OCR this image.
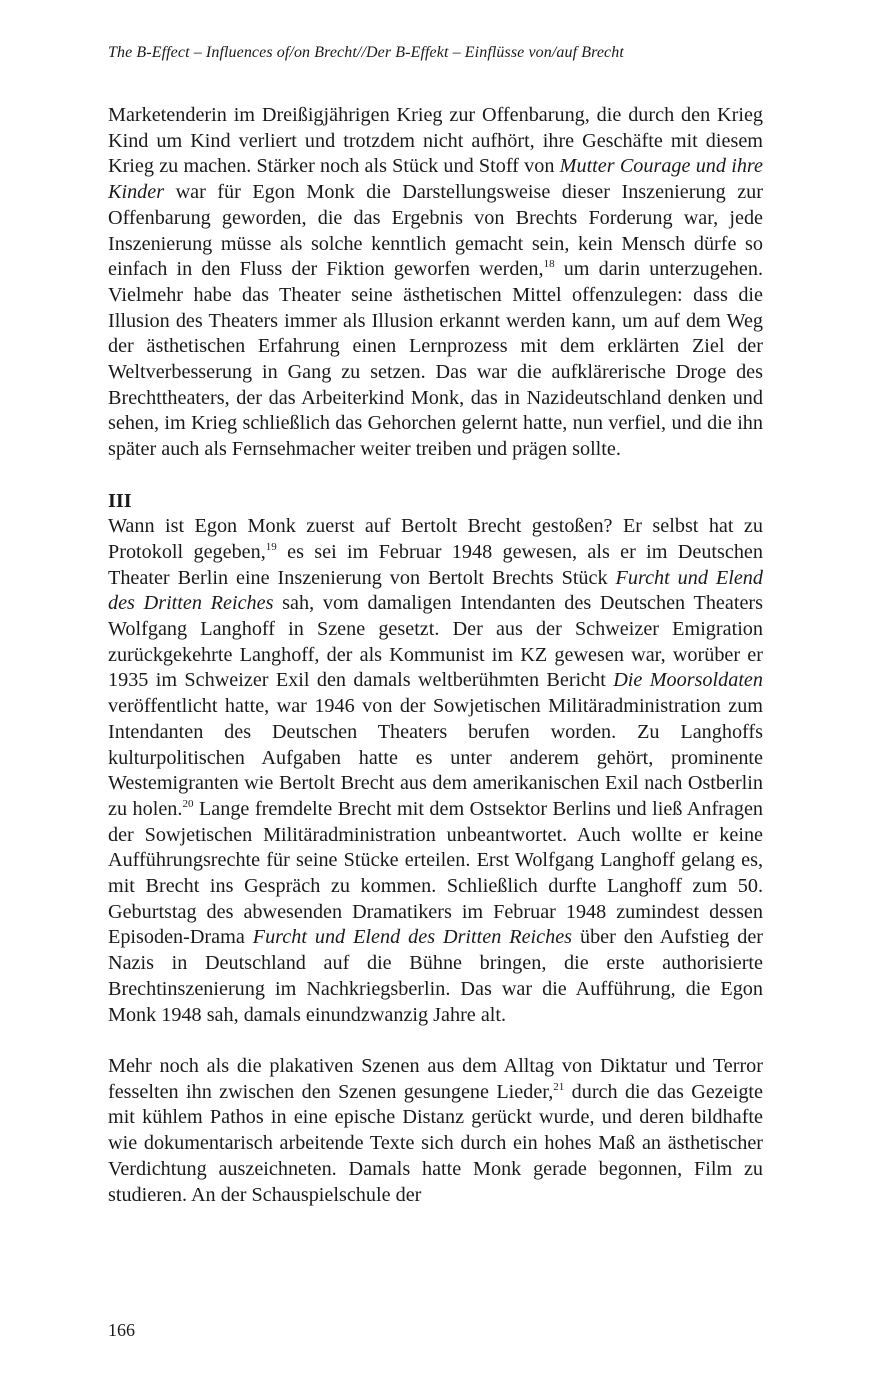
The B-Effect – Influences of/on Brecht//Der B-Effekt – Einflüsse von/auf Brecht

Marketenderin im Dreißigjährigen Krieg zur Offenbarung, die durch den Krieg Kind um Kind verliert und trotzdem nicht aufhört, ihre Geschäfte mit diesem Krieg zu machen. Stärker noch als Stück und Stoff von Mutter Courage und ihre Kinder war für Egon Monk die Darstellungsweise dieser Inszenierung zur Offenbarung geworden, die das Ergebnis von Brechts Forderung war, jede Inszenierung müsse als solche kenntlich gemacht sein, kein Mensch dürfe so einfach in den Fluss der Fiktion geworfen werden,$^{18}$ um darin unterzugehen. Vielmehr habe das Theater seine ästhetischen Mittel offenzulegen: dass die Illusion des Theaters immer als Illusion erkannt werden kann, um auf dem Weg der ästhetischen Erfahrung einen Lernprozess mit dem erklärten Ziel der Weltverbesserung in Gang zu setzen. Das war die aufklärerische Droge des Brechttheaters, der das Arbeiterkind Monk, das in Nazideutschland denken und sehen, im Krieg schließlich das Gehorchen gelernt hatte, nun verfiel, und die ihn später auch als Fernsehmacher weiter treiben und prägen sollte.

III

Wann ist Egon Monk zuerst auf Bertolt Brecht gestoßen? Er selbst hat zu Protokoll gegeben,$^{19}$ es sei im Februar 1948 gewesen, als er im Deutschen Theater Berlin eine Inszenierung von Bertolt Brechts Stück Furcht und Elend des Dritten Reiches sah, vom damaligen Intendanten des Deutschen Theaters Wolfgang Langhoff in Szene gesetzt. Der aus der Schweizer Emigration zurückgekehrte Langhoff, der als Kommunist im KZ gewesen war, worüber er 1935 im Schweizer Exil den damals weltberühmten Bericht Die Moorsoldaten veröffentlicht hatte, war 1946 von der Sowjetischen Militäradministration zum Intendanten des Deutschen Theaters berufen worden. Zu Langhoffs kulturpolitischen Aufgaben hatte es unter anderem gehört, prominente Westemigranten wie Bertolt Brecht aus dem amerikanischen Exil nach Ostberlin zu holen.$^{20}$ Lange fremdelte Brecht mit dem Ostsektor Berlins und ließ Anfragen der Sowjetischen Militäradministration unbeantwortet. Auch wollte er keine Aufführungsrechte für seine Stücke erteilen. Erst Wolfgang Langhoff gelang es, mit Brecht ins Gespräch zu kommen. Schließlich durfte Langhoff zum 50. Geburtstag des abwesenden Dramatikers im Februar 1948 zumindest dessen Episoden-Drama Furcht und Elend des Dritten Reiches über den Aufstieg der Nazis in Deutschland auf die Bühne bringen, die erste authorisierte Brechtinszenierung im Nachkriegsberlin. Das war die Aufführung, die Egon Monk 1948 sah, damals einundzwanzig Jahre alt.

Mehr noch als die plakativen Szenen aus dem Alltag von Diktatur und Terror fesselten ihn zwischen den Szenen gesungene Lieder,$^{21}$ durch die das Gezeigte mit kühlem Pathos in eine epische Distanz gerückt wurde, und deren bildhafte wie dokumentarisch arbeitende Texte sich durch ein hohes Maß an ästhetischer Verdichtung auszeichneten. Damals hatte Monk gerade begonnen, Film zu studieren. An der Schauspielschule der

166
